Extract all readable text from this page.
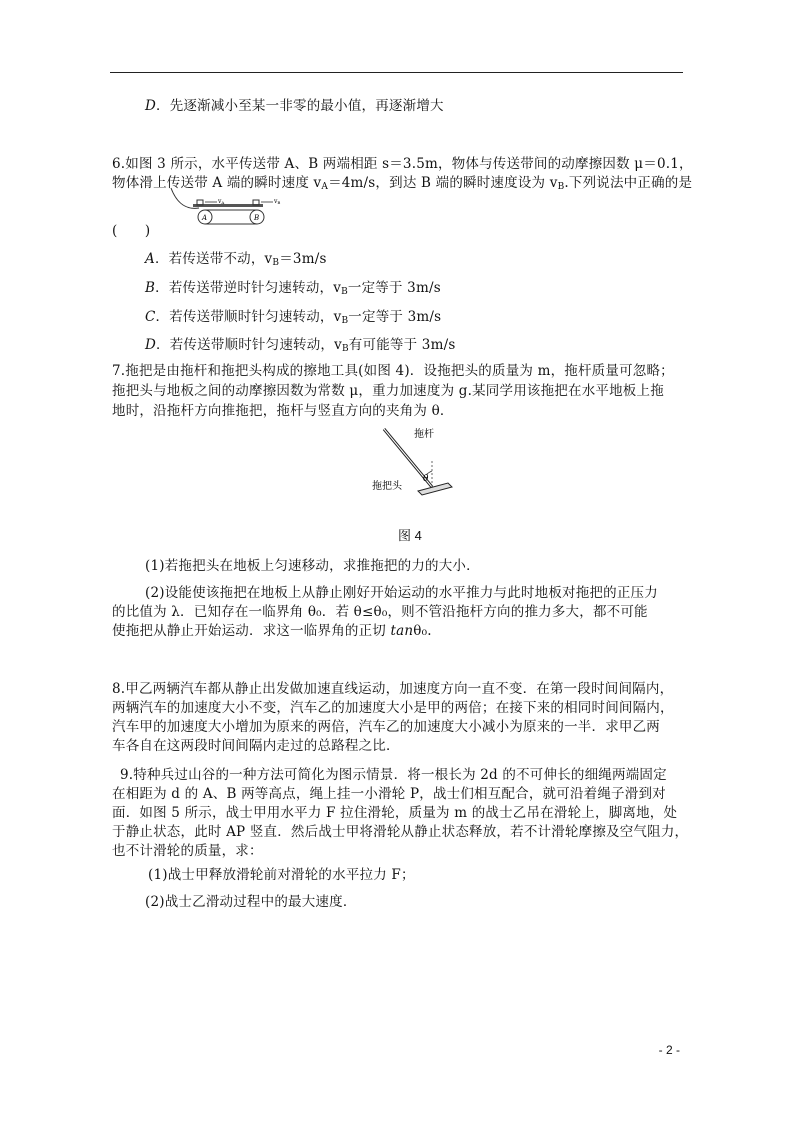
D．先逐渐减小至某一非零的最小值，再逐渐增大
6.如图 3 所示，水平传送带 A、B 两端相距 s＝3.5m，物体与传送带间的动摩擦因数 μ＝0.1，
物体滑上传送带 A 端的瞬时速度 $v_A=4m/s$，到达 B 端的瞬时速度设为 $v_B$.下列说法中正确的是
A	B
vA	vB
(　　)
A．若传送带不动，$v_B=3m/s$
B．若传送带逆时针匀速转动，$v_B$一定等于 3m/s
C．若传送带顺时针匀速转动，$v_B$一定等于 3m/s
D．若传送带顺时针匀速转动，$v_B$有可能等于 3m/s
7.拖把是由拖杆和拖把头构成的擦地工具(如图 4)．设拖把头的质量为 m，拖杆质量可忽略；
拖把头与地板之间的动摩擦因数为常数 μ，重力加速度为 g.某同学用该拖把在水平地板上拖
地时，沿拖杆方向推拖把，拖杆与竖直方向的夹角为 θ．
拖杆
拖把头
θ
图 4
(1)若拖把头在地板上匀速移动，求推拖把的力的大小．
(2)设能使该拖把在地板上从静止刚好开始运动的水平推力与此时地板对拖把的正压力
的比值为 λ．已知存在一临界角 θ₀．若 θ≤θ₀，则不管沿拖杆方向的推力多大，都不可能
使拖把从静止开始运动．求这一临界角的正切 tanθ₀.
8.甲乙两辆汽车都从静止出发做加速直线运动，加速度方向一直不变．在第一段时间间隔内，
两辆汽车的加速度大小不变，汽车乙的加速度大小是甲的两倍；在接下来的相同时间间隔内，
汽车甲的加速度大小增加为原来的两倍，汽车乙的加速度大小减小为原来的一半．求甲乙两
车各自在这两段时间间隔内走过的总路程之比．
9.特种兵过山谷的一种方法可简化为图示情景．将一根长为 2d 的不可伸长的细绳两端固定
在相距为 d 的 A、B 两等高点，绳上挂一小滑轮 P，战士们相互配合，就可沿着绳子滑到对
面．如图 5 所示，战士甲用水平力 F 拉住滑轮，质量为 m 的战士乙吊在滑轮上，脚离地，处
于静止状态，此时 AP 竖直．然后战士甲将滑轮从静止状态释放，若不计滑轮摩擦及空气阻力，
也不计滑轮的质量，求：
(1)战士甲释放滑轮前对滑轮的水平拉力 F；
(2)战士乙滑动过程中的最大速度．
- 2 -
